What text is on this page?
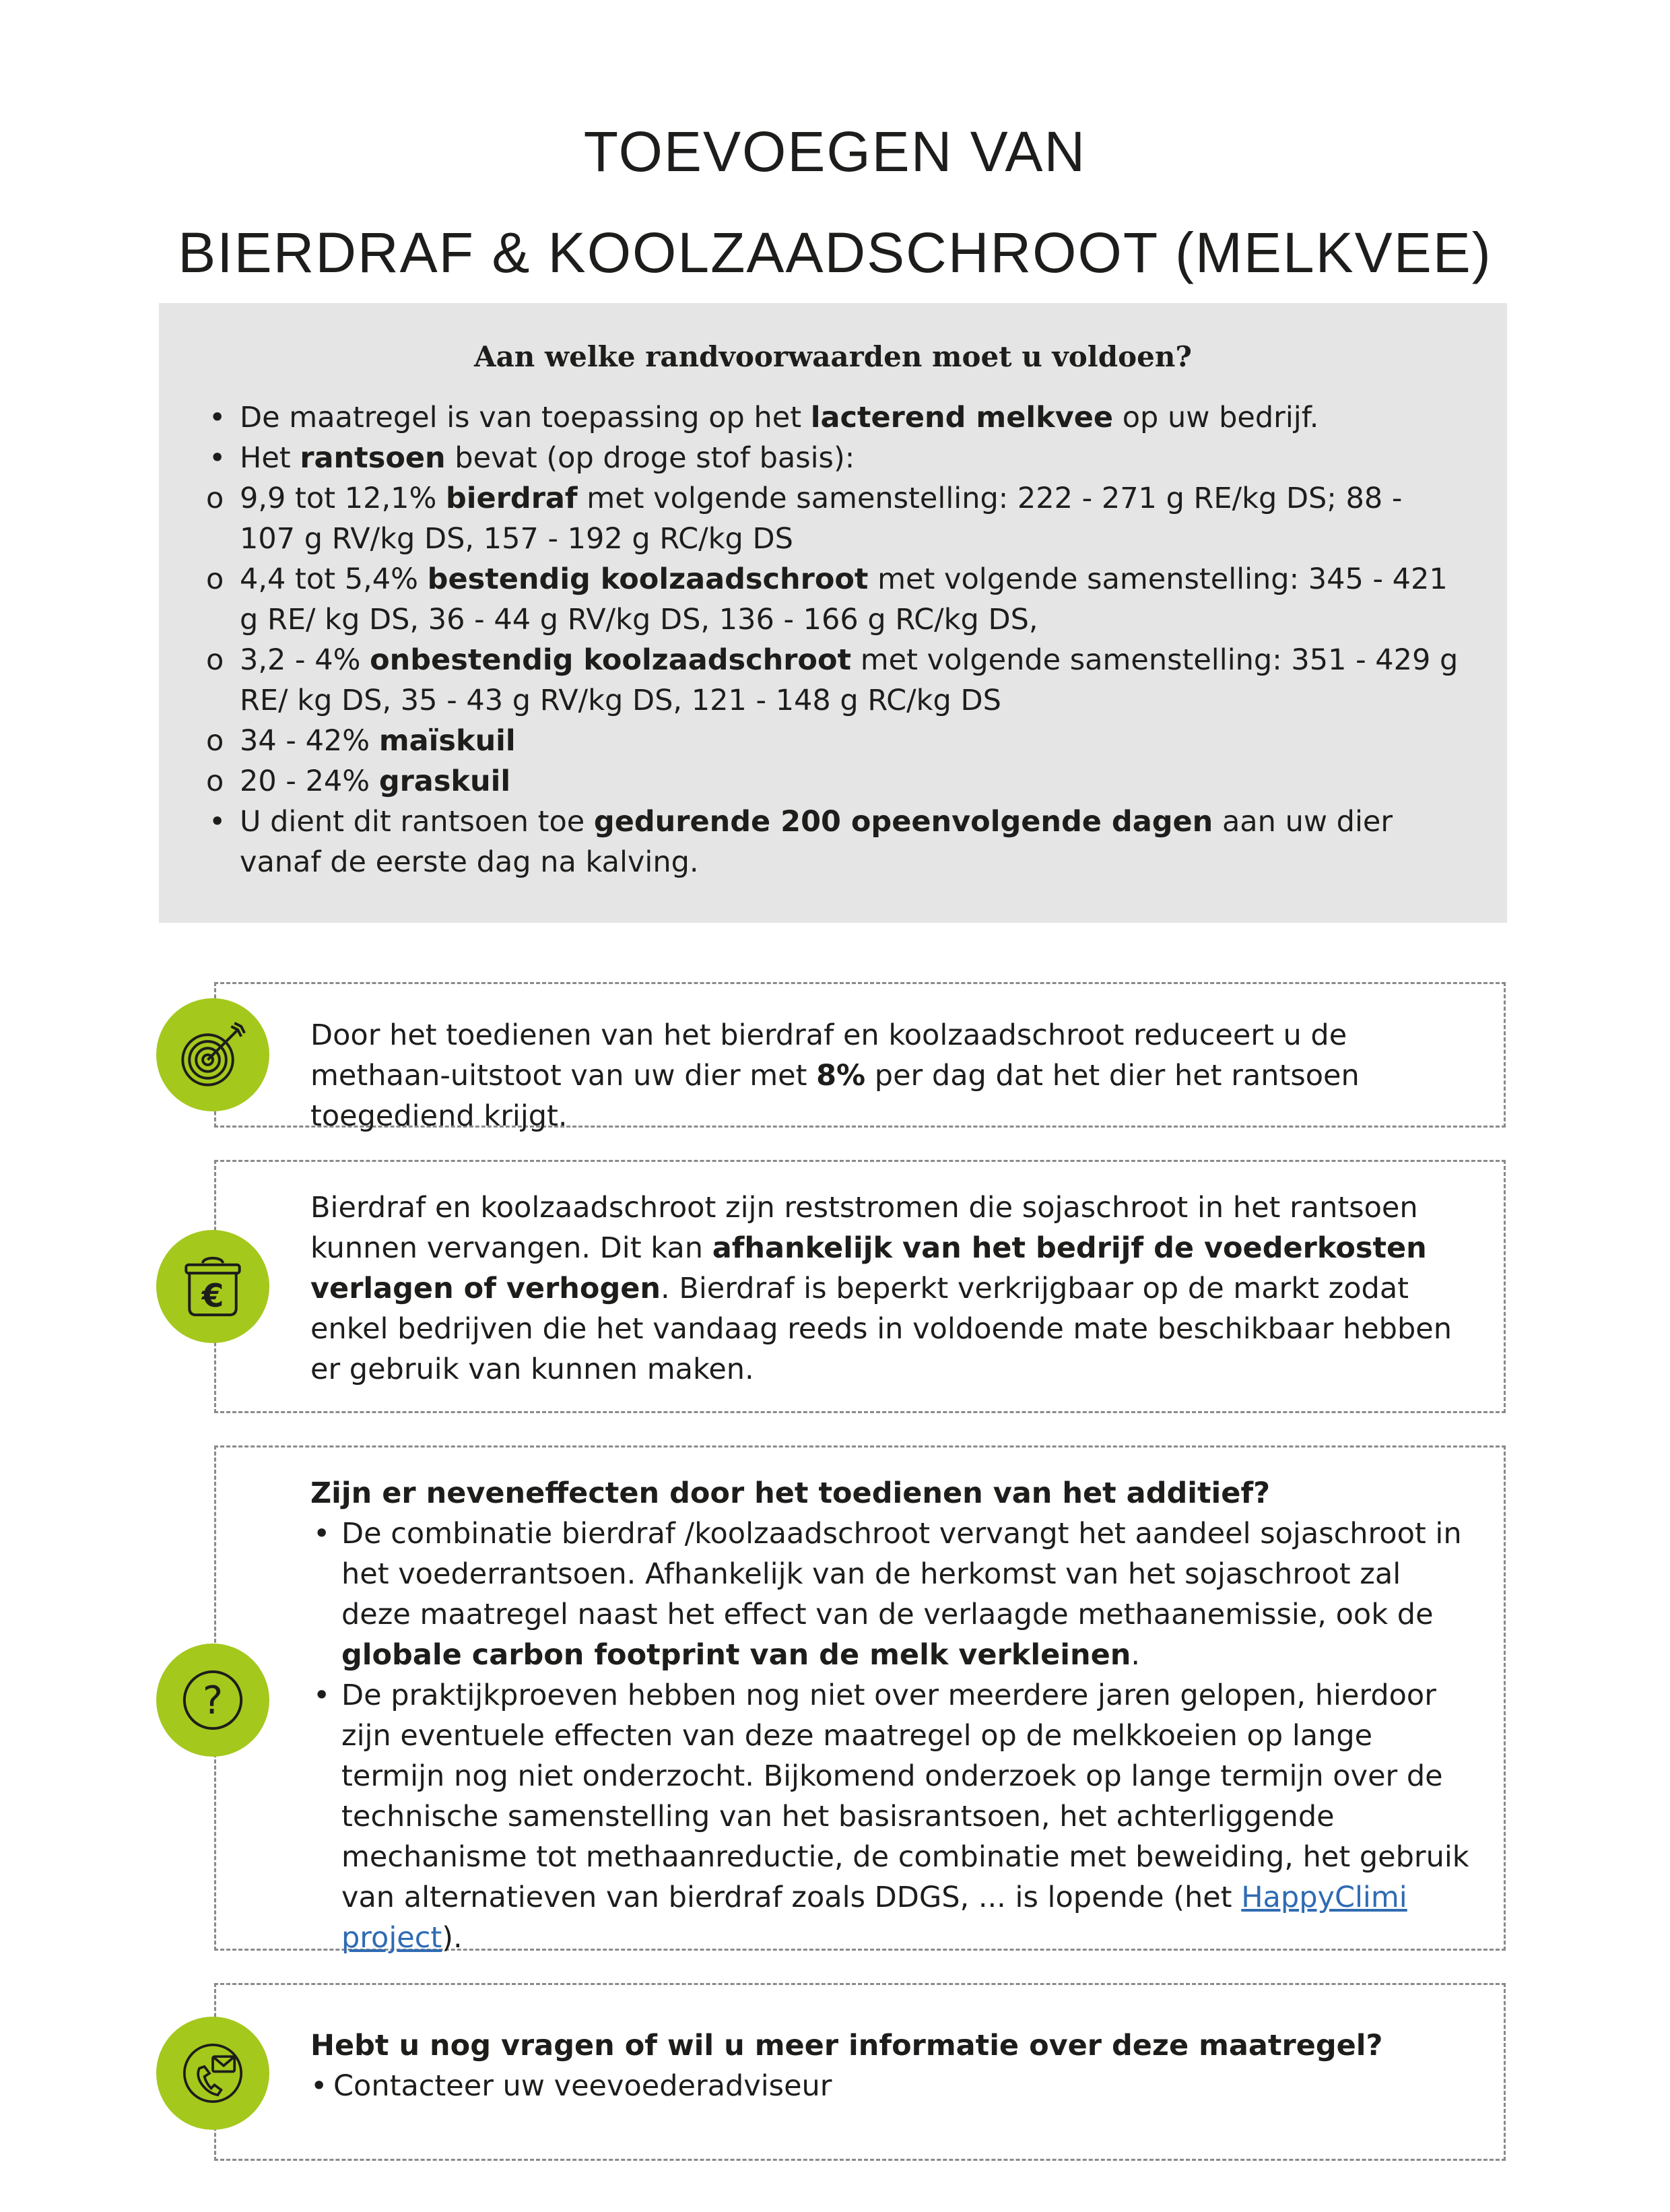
TOEVOEGEN VAN
BIERDRAF & KOOLZAADSCHROOT (MELKVEE)
Aan welke randvoorwaarden moet u voldoen?
• De maatregel is van toepassing op het lacterend melkvee op uw bedrijf.
• Het rantsoen bevat (op droge stof basis):
o 9,9 tot 12,1% bierdraf met volgende samenstelling: 222 - 271 g RE/kg DS; 88 - 107 g RV/kg DS, 157 - 192 g RC/kg DS
o 4,4 tot 5,4% bestendig koolzaadschroot met volgende samenstelling: 345 - 421 g RE/ kg DS, 36 - 44 g RV/kg DS, 136 - 166 g RC/kg DS,
o 3,2 - 4% onbestendig koolzaadschroot met volgende samenstelling: 351 - 429 g RE/ kg DS, 35 - 43 g RV/kg DS, 121 - 148 g RC/kg DS
o 34 - 42% maïskuil
o 20 - 24% graskuil
• U dient dit rantsoen toe gedurende 200 opeenvolgende dagen aan uw dier vanaf de eerste dag na kalving.

Door het toedienen van het bierdraf en koolzaadschroot reduceert u de methaan-uitstoot van uw dier met 8% per dag dat het dier het rantsoen toegediend krijgt.

Bierdraf en koolzaadschroot zijn reststromen die sojaschroot in het rantsoen kunnen vervangen. Dit kan afhankelijk van het bedrijf de voederkosten verlagen of verhogen. Bierdraf is beperkt verkrijgbaar op de markt zodat enkel bedrijven die het vandaag reeds in voldoende mate beschikbaar hebben er gebruik van kunnen maken.

€

Zijn er neveneffecten door het toedienen van het additief?

• De combinatie bierdraf /koolzaadschroot vervangt het aandeel sojaschroot in het voederrantsoen. Afhankelijk van de herkomst van het sojaschroot zal deze maatregel naast het effect van de verlaagde methaanemissie, ook de globale carbon footprint van de melk verkleinen.
• De praktijkproeven hebben nog niet over meerdere jaren gelopen, hierdoor zijn eventuele effecten van deze maatregel op de melkkoeien op lange termijn nog niet onderzocht. Bijkomend onderzoek op lange termijn over de technische samenstelling van het basisrantsoen, het achterliggende mechanisme tot methaanreductie, de combinatie met beweiding, het gebruik van alternatieven van bierdraf zoals DDGS, ... is lopende (het HappyClimi project).
?

Hebt u nog vragen of wil u meer informatie over deze maatregel?

• Contacteer uw veevoederadviseur
